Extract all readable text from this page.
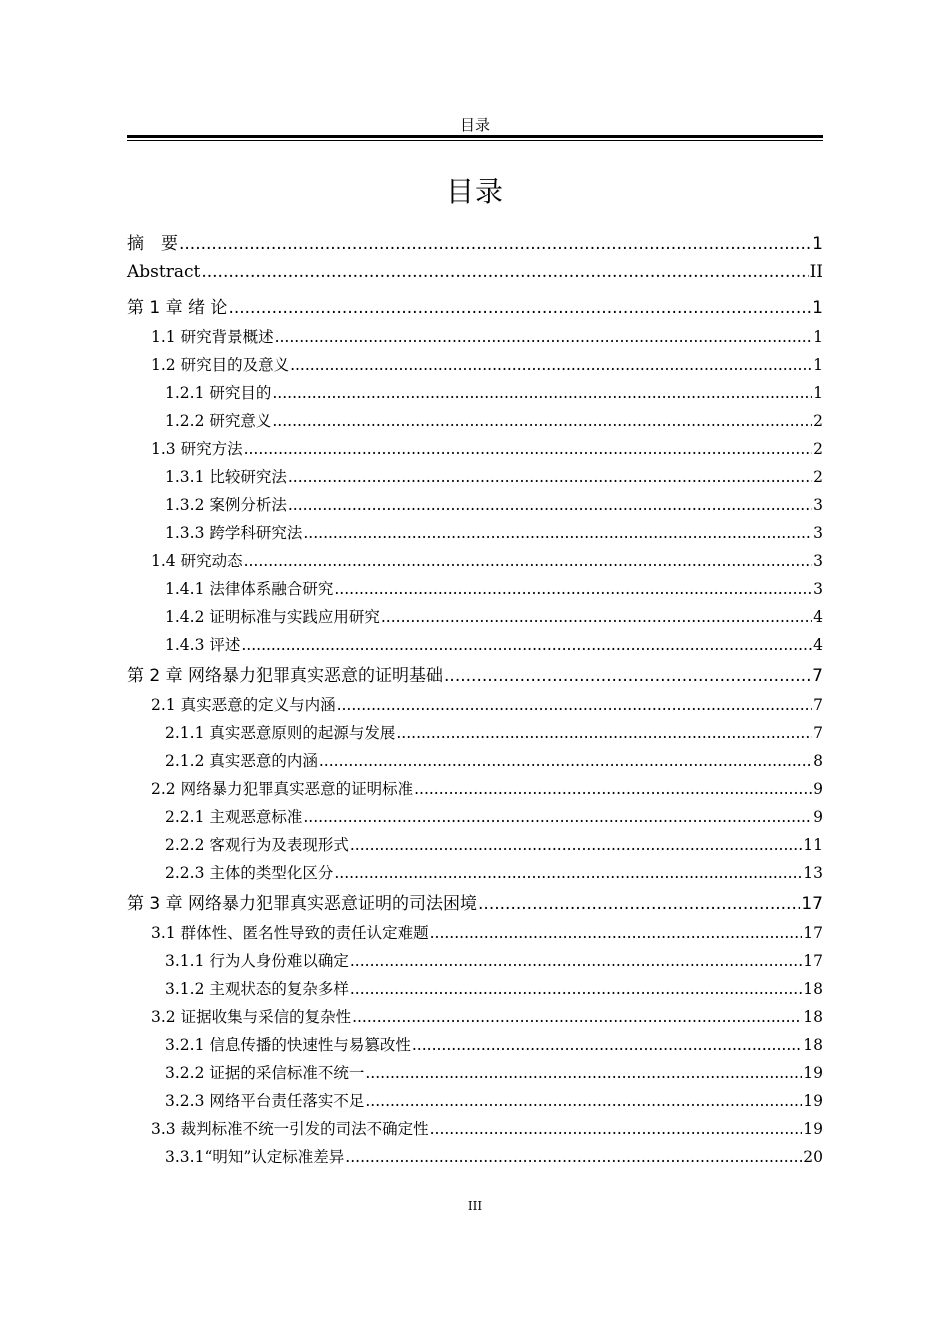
目录
目录
摘　要 .....	1
Abstract .....	II
第 1 章 绪 论 .....	1
1.1 研究背景概述 .....	1
1.2 研究目的及意义 .....	1
1.2.1 研究目的 .....	1
1.2.2 研究意义 .....	2
1.3 研究方法 .....	2
1.3.1 比较研究法 .....	2
1.3.2 案例分析法 .....	3
1.3.3 跨学科研究法 .....	3
1.4 研究动态 .....	3
1.4.1 法律体系融合研究 .....	3
1.4.2 证明标准与实践应用研究 .....	4
1.4.3 评述 .....	4
第 2 章 网络暴力犯罪真实恶意的证明基础 .....	7
2.1 真实恶意的定义与内涵 .....	7
2.1.1 真实恶意原则的起源与发展 .....	7
2.1.2 真实恶意的内涵 .....	8
2.2 网络暴力犯罪真实恶意的证明标准 .....	9
2.2.1 主观恶意标准 .....	9
2.2.2 客观行为及表现形式 .....	11
2.2.3 主体的类型化区分 .....	13
第 3 章 网络暴力犯罪真实恶意证明的司法困境 .....	17
3.1 群体性、匿名性导致的责任认定难题 .....	17
3.1.1 行为人身份难以确定 .....	17
3.1.2 主观状态的复杂多样 .....	18
3.2 证据收集与采信的复杂性 .....	18
3.2.1 信息传播的快速性与易篡改性 .....	18
3.2.2 证据的采信标准不统一 .....	19
3.2.3 网络平台责任落实不足 .....	19
3.3 裁判标准不统一引发的司法不确定性 .....	19
3.3.1“明知”认定标准差异 .....	20
III
